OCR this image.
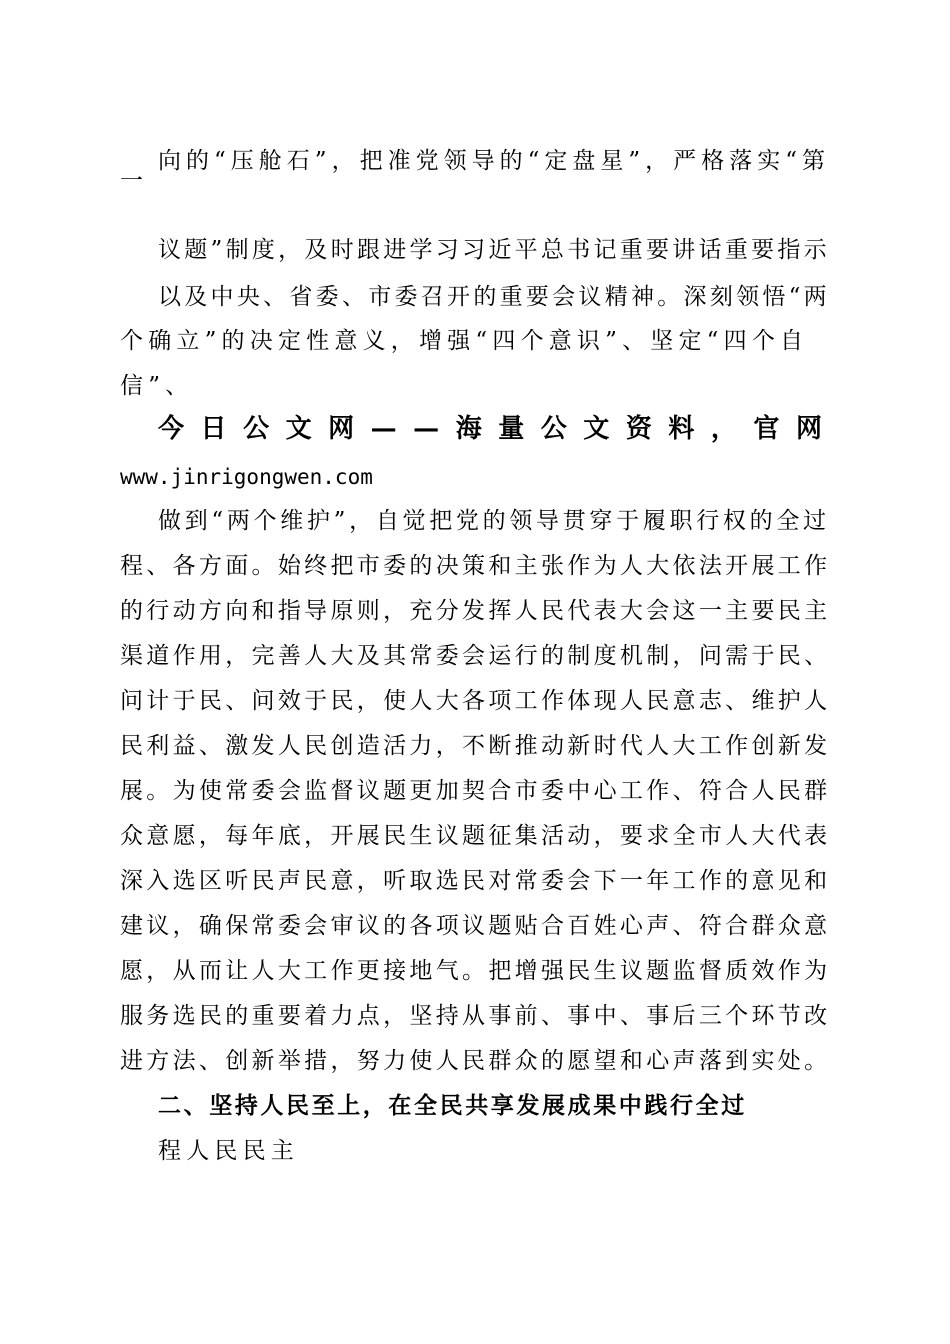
向的“压舱石”，把准党领导的“定盘星”，严格落实“第
一
议题”制度，及时跟进学习习近平总书记重要讲话重要指示
以及中央、省委、市委召开的重要会议精神。深刻领悟“两
个确立”的决定性意义，增强“四个意识”、坚定“四个自
信”、
今 日 公 文 网 — — 海 量 公 文 资 料 ， 官 网
www.jinrigongwen.com
做到“两个维护”，自觉把党的领导贯穿于履职行权的全过
程、各方面。始终把市委的决策和主张作为人大依法开展工作
的行动方向和指导原则，充分发挥人民代表大会这一主要民主
渠道作用，完善人大及其常委会运行的制度机制，问需于民、
问计于民、问效于民，使人大各项工作体现人民意志、维护人
民利益、激发人民创造活力，不断推动新时代人大工作创新发
展。为使常委会监督议题更加契合市委中心工作、符合人民群
众意愿，每年底，开展民生议题征集活动，要求全市人大代表
深入选区听民声民意，听取选民对常委会下一年工作的意见和
建议，确保常委会审议的各项议题贴合百姓心声、符合群众意
愿，从而让人大工作更接地气。把增强民生议题监督质效作为
服务选民的重要着力点，坚持从事前、事中、事后三个环节改
进方法、创新举措，努力使人民群众的愿望和心声落到实处。
二、坚持人民至上，在全民共享发展成果中践行全过
程人民民主
